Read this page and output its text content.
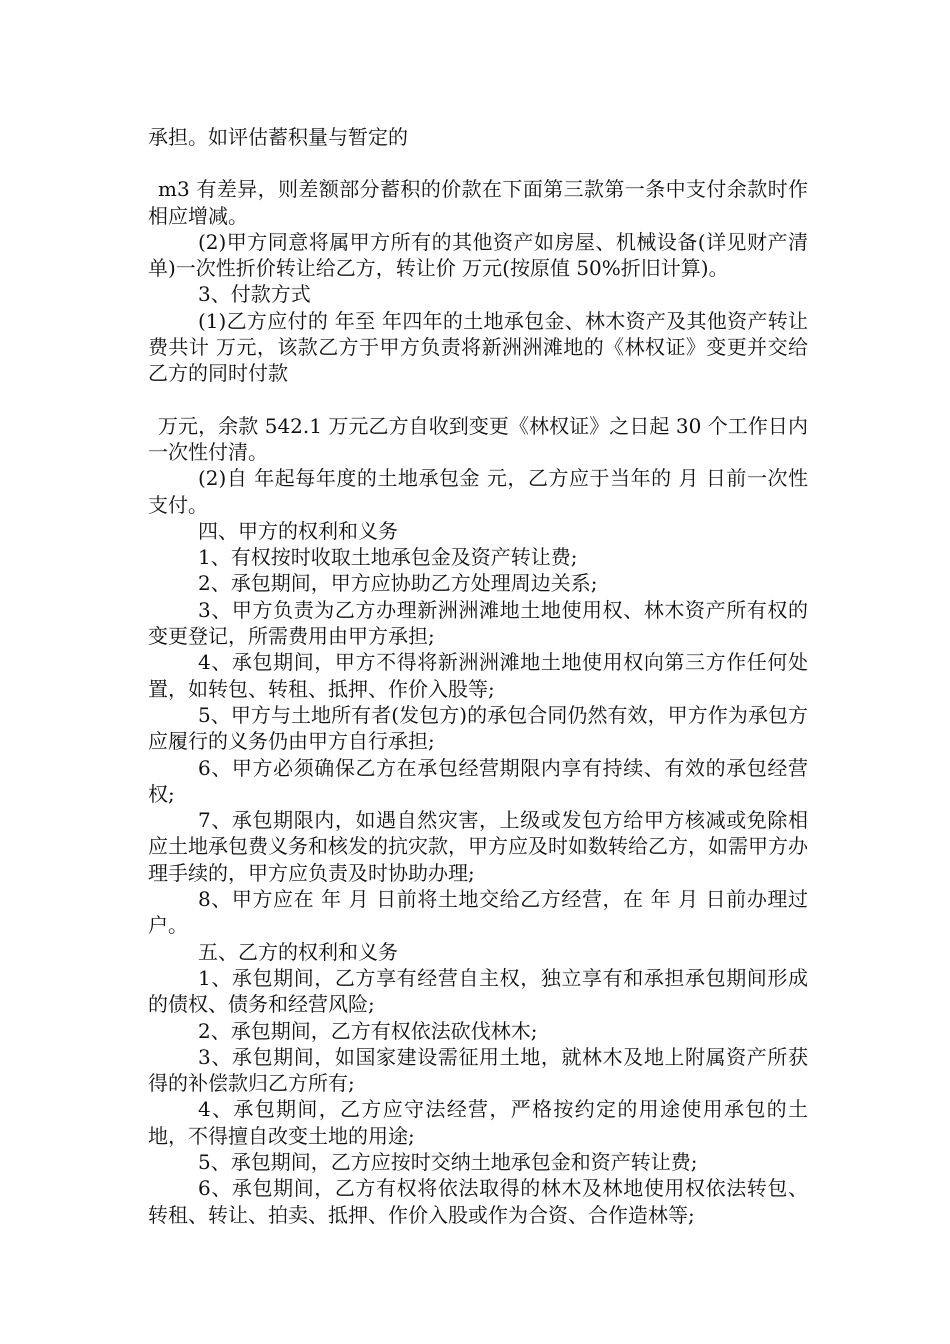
承担。如评估蓄积量与暂定的

m3 有差异，则差额部分蓄积的价款在下面第三款第一条中支付余款时作相应增减。

(2)甲方同意将属甲方所有的其他资产如房屋、机械设备(详见财产清单)一次性折价转让给乙方，转让价 万元(按原值 50%折旧计算)。

3、付款方式

(1)乙方应付的 年至 年四年的土地承包金、林木资产及其他资产转让费共计 万元，该款乙方于甲方负责将新洲洲滩地的《林权证》变更并交给乙方的同时付款

万元，余款 542.1 万元乙方自收到变更《林权证》之日起 30 个工作日内一次性付清。

(2)自 年起每年度的土地承包金 元，乙方应于当年的 月 日前一次性支付。

四、甲方的权利和义务

1、有权按时收取土地承包金及资产转让费;

2、承包期间，甲方应协助乙方处理周边关系;

3、甲方负责为乙方办理新洲洲滩地土地使用权、林木资产所有权的变更登记，所需费用由甲方承担;

4、承包期间，甲方不得将新洲洲滩地土地使用权向第三方作任何处置，如转包、转租、抵押、作价入股等;

5、甲方与土地所有者(发包方)的承包合同仍然有效，甲方作为承包方应履行的义务仍由甲方自行承担;

6、甲方必须确保乙方在承包经营期限内享有持续、有效的承包经营权;

7、承包期限内，如遇自然灾害，上级或发包方给甲方核减或免除相应土地承包费义务和核发的抗灾款，甲方应及时如数转给乙方，如需甲方办理手续的，甲方应负责及时协助办理;

8、甲方应在 年 月 日前将土地交给乙方经营，在 年 月 日前办理过户。

五、乙方的权利和义务

1、承包期间，乙方享有经营自主权，独立享有和承担承包期间形成的债权、债务和经营风险;

2、承包期间，乙方有权依法砍伐林木;

3、承包期间，如国家建设需征用土地，就林木及地上附属资产所获得的补偿款归乙方所有;

4、承包期间，乙方应守法经营，严格按约定的用途使用承包的土地，不得擅自改变土地的用途;

5、承包期间，乙方应按时交纳土地承包金和资产转让费;

6、承包期间，乙方有权将依法取得的林木及林地使用权依法转包、转租、转让、拍卖、抵押、作价入股或作为合资、合作造林等;
